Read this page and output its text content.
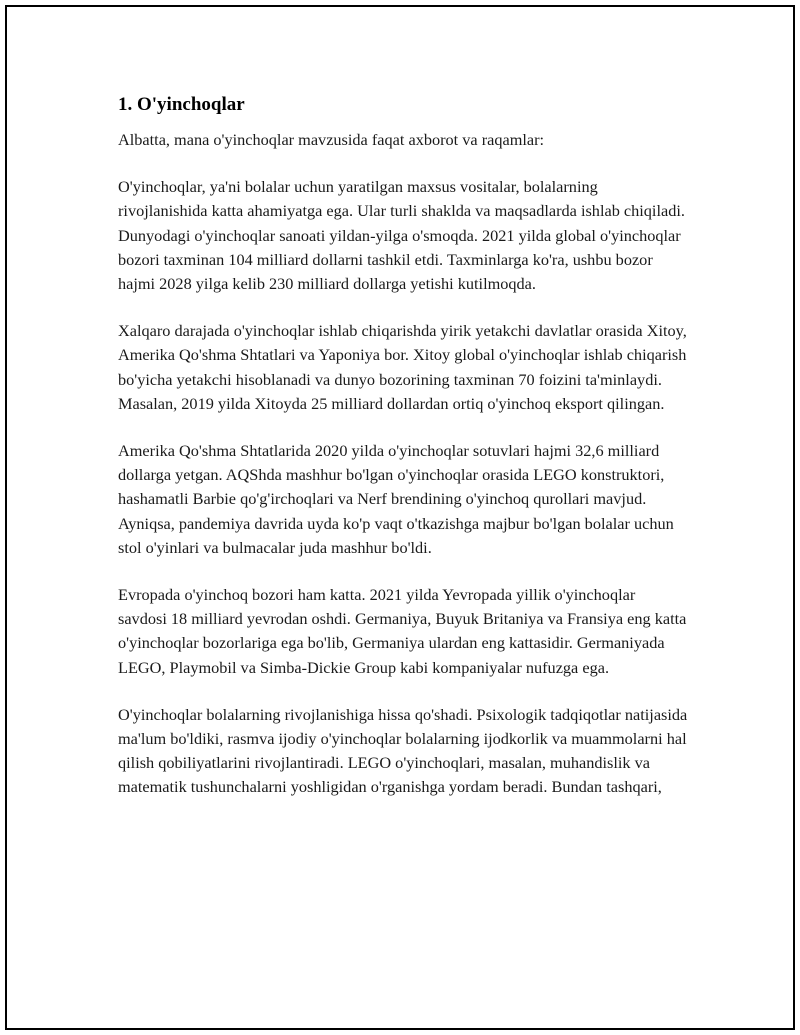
1. O'yinchoqlar

Albatta, mana o'yinchoqlar mavzusida faqat axborot va raqamlar:

O'yinchoqlar, ya'ni bolalar uchun yaratilgan maxsus vositalar, bolalarning rivojlanishida katta ahamiyatga ega. Ular turli shaklda va maqsadlarda ishlab chiqiladi. Dunyodagi o'yinchoqlar sanoati yildan-yilga o'smoqda. 2021 yilda global o'yinchoqlar bozori taxminan 104 milliard dollarni tashkil etdi. Taxminlarga ko'ra, ushbu bozor hajmi 2028 yilga kelib 230 milliard dollarga yetishi kutilmoqda.

Xalqaro darajada o'yinchoqlar ishlab chiqarishda yirik yetakchi davlatlar orasida Xitoy, Amerika Qo'shma Shtatlari va Yaponiya bor. Xitoy global o'yinchoqlar ishlab chiqarish bo'yicha yetakchi hisoblanadi va dunyo bozorining taxminan 70 foizini ta'minlaydi. Masalan, 2019 yilda Xitoyda 25 milliard dollardan ortiq o'yinchoq eksport qilingan.

Amerika Qo'shma Shtatlarida 2020 yilda o'yinchoqlar sotuvlari hajmi 32,6 milliard dollarga yetgan. AQShda mashhur bo'lgan o'yinchoqlar orasida LEGO konstruktori, hashamatli Barbie qo'g'irchoqlari va Nerf brendining o'yinchoq qurollari mavjud. Ayniqsa, pandemiya davrida uyda ko'p vaqt o'tkazishga majbur bo'lgan bolalar uchun stol o'yinlari va bulmacalar juda mashhur bo'ldi.

Evropada o'yinchoq bozori ham katta. 2021 yilda Yevropada yillik o'yinchoqlar savdosi 18 milliard yevrodan oshdi. Germaniya, Buyuk Britaniya va Fransiya eng katta o'yinchoqlar bozorlariga ega bo'lib, Germaniya ulardan eng kattasidir. Germaniyada LEGO, Playmobil va Simba-Dickie Group kabi kompaniyalar nufuzga ega.

O'yinchoqlar bolalarning rivojlanishiga hissa qo'shadi. Psixologik tadqiqotlar natijasida ma'lum bo'ldiki, rasmva ijodiy o'yinchoqlar bolalarning ijodkorlik va muammolarni hal qilish qobiliyatlarini rivojlantiradi. LEGO o'yinchoqlari, masalan, muhandislik va matematik tushunchalarni yoshligidan o'rganishga yordam beradi. Bundan tashqari,
